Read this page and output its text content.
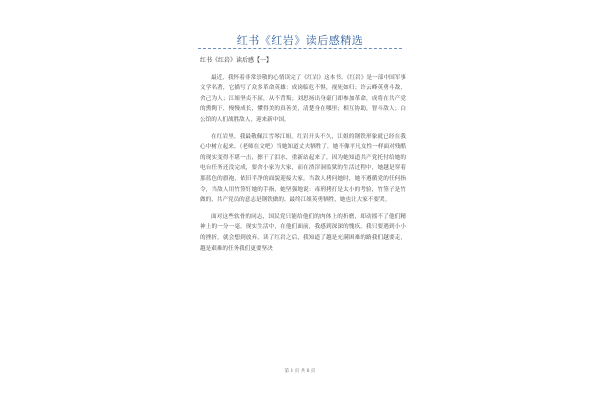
红书《红岩》读后感精选
红书《红岩》读后感【一】

最近，我怀着非常崇敬的心情读完了《红岩》这本书。《红岩》是一部中国军事文学名著，它描写了众多革命英雄：成岗临危不惧，视死如归；许云峰英勇斗敌，舍己为人；江姐坚贞不屈，从不背叛；刘思扬出身豪门却参加革命，成将在共产党的熏陶下，慢慢成长，懂得美的真善美，清楚身在哪里；相互协助，智斗敌人；白公馆的人们战胜敌人，迎来新中国。

在红岩里，我最敬佩江雪琴江姐。红岩开头不久，江姐的钢铁形象就已经在我心中树立起来。（老师在文吧）当她知道丈夫牺牲了，她不像平凡女性一样面对残酷的现实变得不堪一击，擦干了泪水，重新站起来了，因为她知道共产党托付给她的电台任务还没完成，要舍小家为大家，而在渣滓洞监狱的生活过程中，她越是穿着那蓝色的旗袍，依旧半净的面貌迎接大家。当敌人拷问她时，她不遵循党的任何指令，当敌人用竹签钉她的手指，她坚强地说：毒刑拷打是太小的考验，竹签子是竹做的，共产党员的意志是钢铁做的。最终江姐英勇牺牲，她也让大家不要哭。

面对这些软骨的同志，国民党只能给他们的肉体上的折磨，却动摇不了他们精神上的一分一毫。现实生活中，在他们面前，我感到深深的愧疚。我只要遇到小小的挫折，就会想到放弃。读了红岩之后，我知道了越是充满困难的路我们越要走，越是艰难的任务我们更要坚决

第 1 页 共 6 页
